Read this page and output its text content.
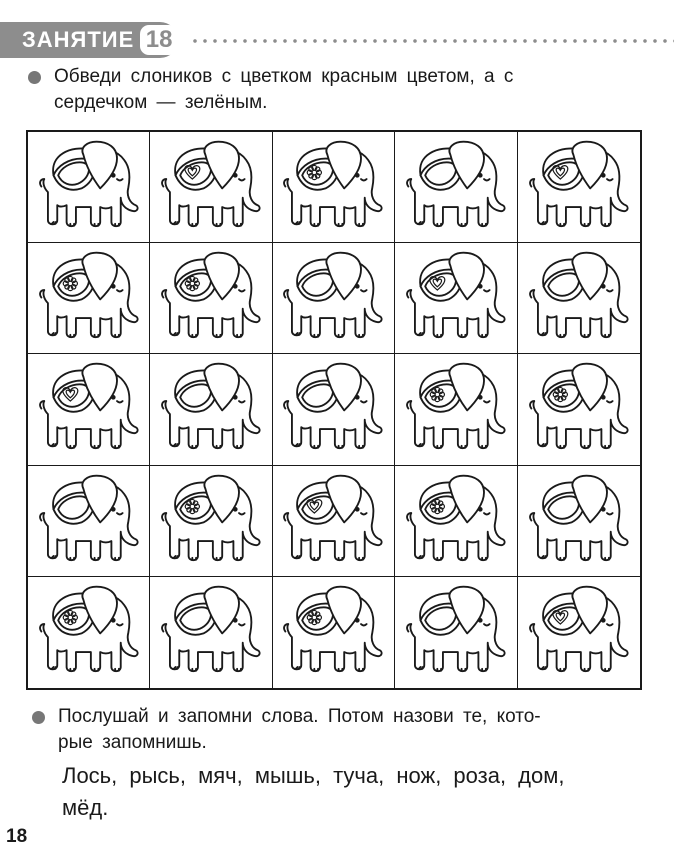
ЗАНЯТИЕ 18
Обведи слоников с цветком красным цветом, а с
сердечком — зелёным.
Послушай и запомни слова. Потом назови те, кото-
рые запомнишь.
Лось, рысь, мяч, мышь, туча, нож, роза, дом,
мёд.
18
